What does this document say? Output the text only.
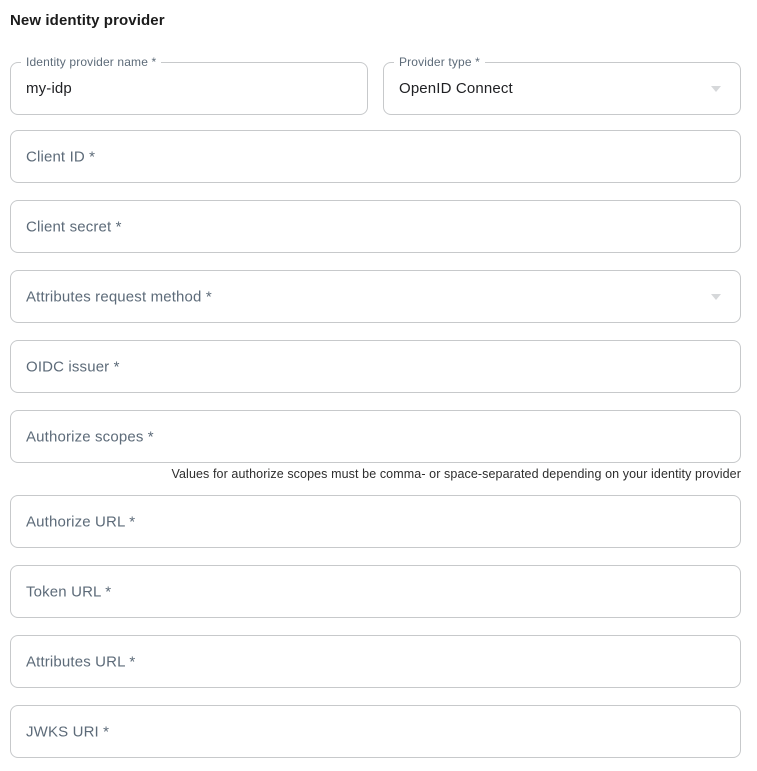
New identity provider
Identity provider name *
my-idp	Provider type *
OpenID Connect
Client ID *
Client secret *
Attributes request method *
OIDC issuer *
Authorize scopes *
Values for authorize scopes must be comma- or space-separated depending on your identity provider
Authorize URL *
Token URL *
Attributes URL *
JWKS URI *
